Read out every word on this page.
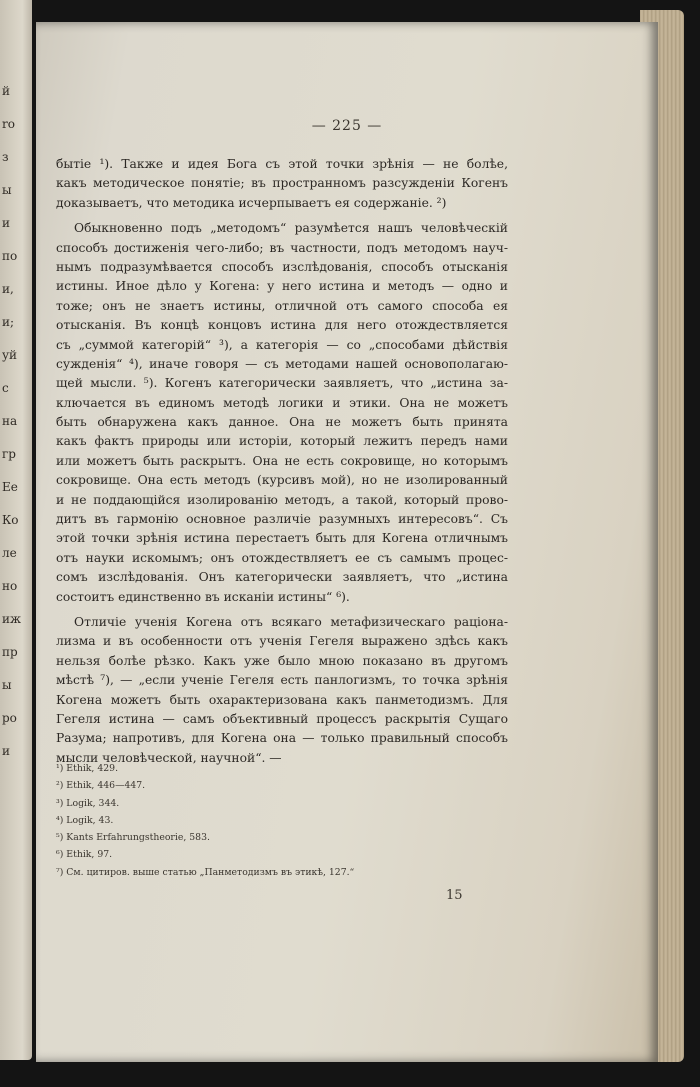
й
ro
з
ы
и
по
и,
и;
уй
c
на
гр
Ee
Ко
ле
но
иж
пр
ы
ро
и
— 225 —
бытіе ¹). Также и идея Бога съ этой точки зрѣнія — не болѣе,
какъ методическое понятіе; въ пространномъ разсужденіи Когенъ
доказываетъ, что методика исчерпываетъ ея содержаніе. ²)
Обыкновенно подъ „методомъ“ разумѣется нашъ человѣческій
способъ достиженія чего-либо; въ частности, подъ методомъ науч-
нымъ подразумѣвается способъ изслѣдованія, способъ отысканія
истины. Иное дѣло у Когена: у него истина и методъ — одно и
тоже; онъ не знаетъ истины, отличной отъ самого способа ея
отысканія. Въ концѣ концовъ истина для него отождествляется
съ „суммой категорій“ ³), а категорія — со „способами дѣйствія
сужденія“ ⁴), иначе говоря — съ методами нашей основополагаю-
щей мысли. ⁵). Когенъ категорически заявляетъ, что „истина за-
ключается въ единомъ методѣ логики и этики. Она не можетъ
быть обнаружена какъ данное. Она не можетъ быть принята
какъ фактъ природы или исторіи, который лежитъ передъ нами
или можетъ быть раскрытъ. Она не есть сокровище, но которымъ
сокровище. Она есть методъ (курсивъ мой), но не изолированный
и не поддающійся изолированію методъ, а такой, который прово-
дитъ въ гармонію основное различіе разумныхъ интересовъ“. Съ
этой точки зрѣнія истина перестаетъ быть для Когена отличнымъ
отъ науки искомымъ; онъ отождествляетъ ее съ самымъ процес-
сомъ изслѣдованія. Онъ категорически заявляетъ, что „истина
состоитъ единственно въ исканіи истины“ ⁶).
Отличіе ученія Когена отъ всякаго метафизическаго раціона-
лизма и въ особенности отъ ученія Гегеля выражено здѣсь какъ
нельзя болѣе рѣзко. Какъ уже было мною показано въ другомъ
мѣстѣ ⁷), — „если ученіе Гегеля есть панлогизмъ, то точка зрѣнія
Когена можетъ быть охарактеризована какъ панметодизмъ. Для
Гегеля истина — самъ объективный процессъ раскрытія Сущаго
Разума; напротивъ, для Когена она — только правильный способъ
мысли человѣческой, научной“. —
¹) Ethik, 429.
²) Ethik, 446—447.
³) Logik, 344.
⁴) Logik, 43.
⁵) Kants Erfahrungstheorie, 583.
⁶) Ethik, 97.
⁷) См. цитиров. выше статью „Панметодизмъ въ этикѣ, 127.“
15
